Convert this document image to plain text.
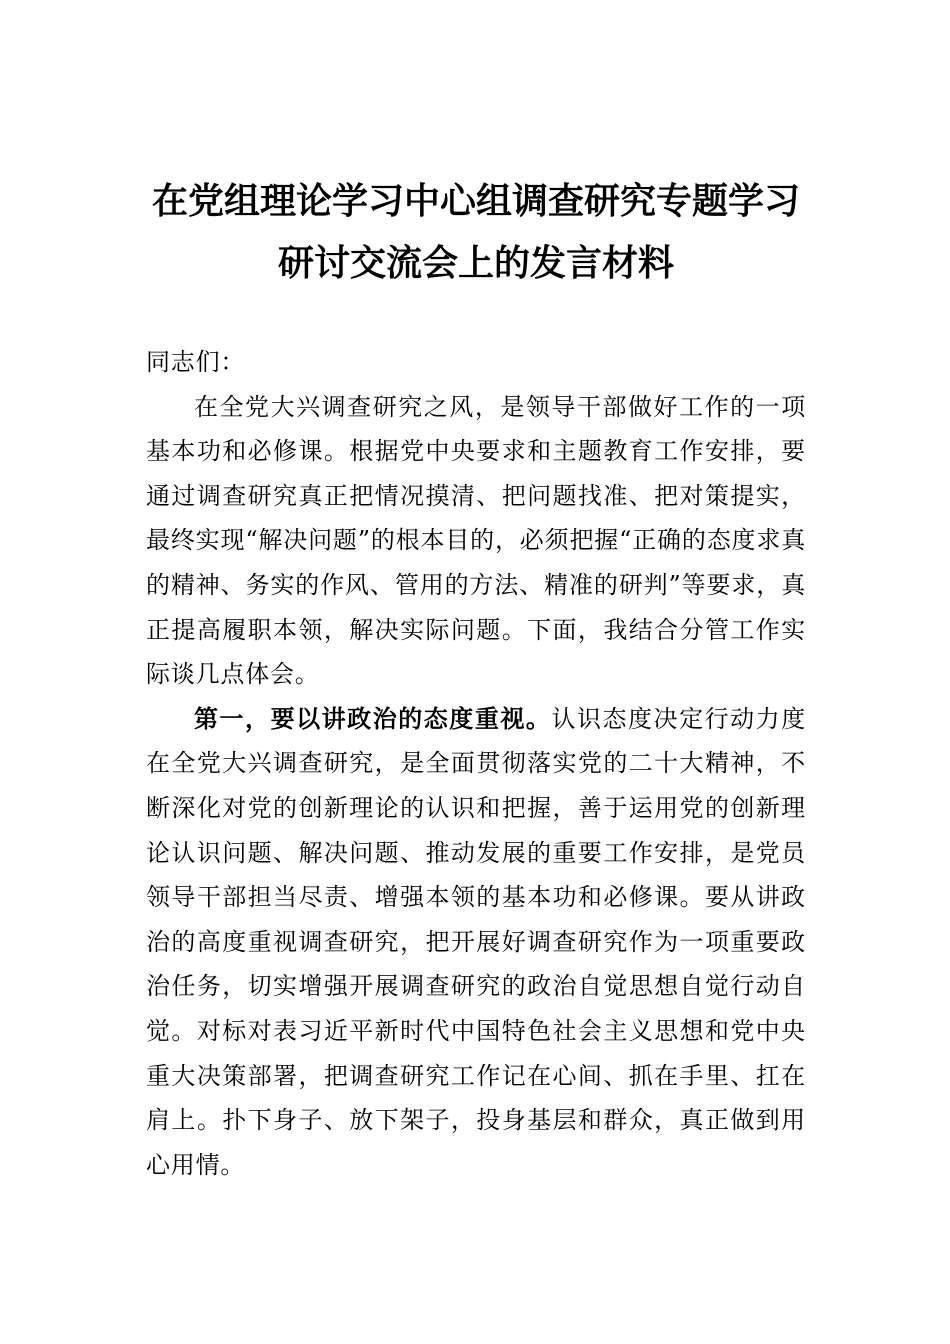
在党组理论学习中心组调查研究专题学习
研讨交流会上的发言材料

同志们：

在全党大兴调查研究之风，是领导干部做好工作的一项基本功和必修课。根据党中央要求和主题教育工作安排，要通过调查研究真正把情况摸清、把问题找准、把对策提实，最终实现“解决问题”的根本目的，必须把握“正确的态度求真的精神、务实的作风、管用的方法、精准的研判”等要求，真正提高履职本领，解决实际问题。下面，我结合分管工作实际谈几点体会。

第一，要以讲政治的态度重视。认识态度决定行动力度在全党大兴调查研究，是全面贯彻落实党的二十大精神，不断深化对党的创新理论的认识和把握，善于运用党的创新理论认识问题、解决问题、推动发展的重要工作安排，是党员领导干部担当尽责、增强本领的基本功和必修课。要从讲政治的高度重视调查研究，把开展好调查研究作为一项重要政治任务，切实增强开展调查研究的政治自觉思想自觉行动自觉。对标对表习近平新时代中国特色社会主义思想和党中央重大决策部署，把调查研究工作记在心间、抓在手里、扛在肩上。扑下身子、放下架子，投身基层和群众，真正做到用心用情。
